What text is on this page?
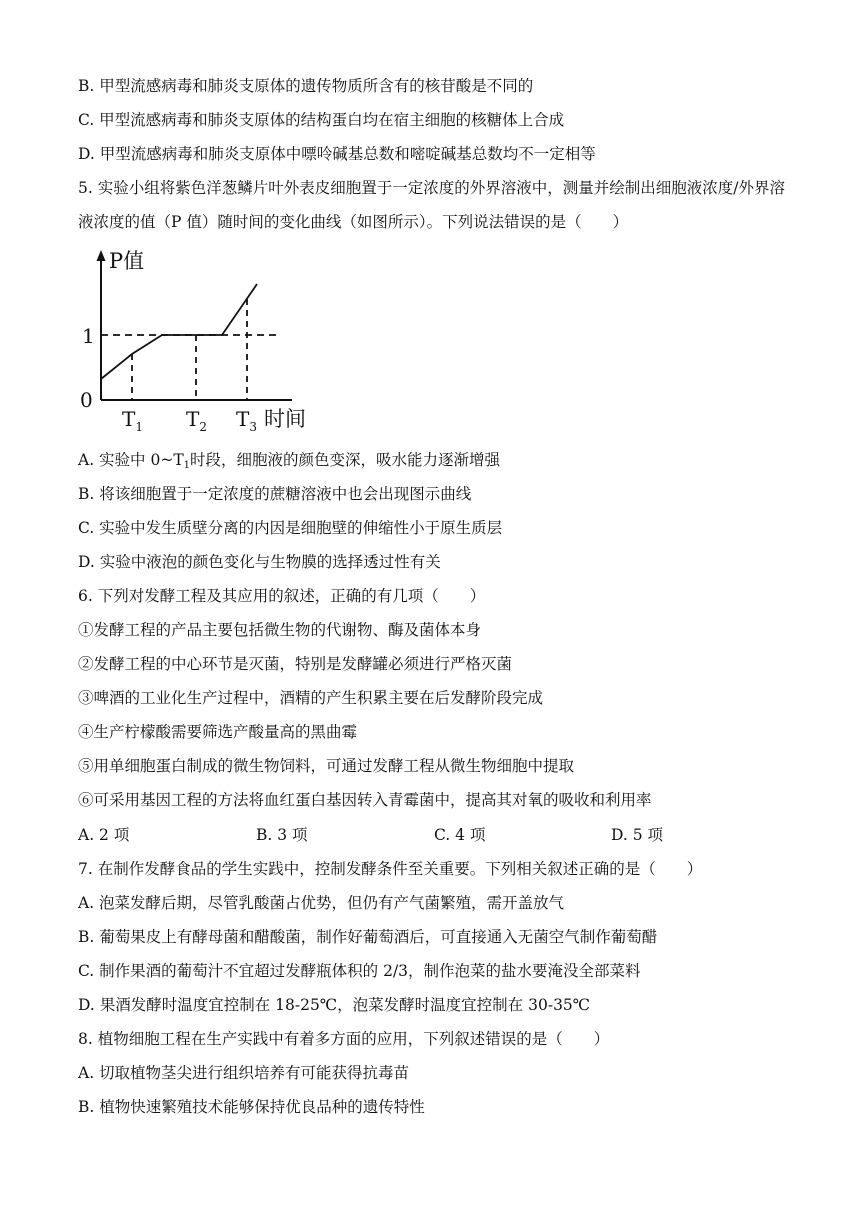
B. 甲型流感病毒和肺炎支原体的遗传物质所含有的核苷酸是不同的
C. 甲型流感病毒和肺炎支原体的结构蛋白均在宿主细胞的核糖体上合成
D. 甲型流感病毒和肺炎支原体中嘌呤碱基总数和嘧啶碱基总数均不一定相等
5. 实验小组将紫色洋葱鳞片叶外表皮细胞置于一定浓度的外界溶液中，测量并绘制出细胞液浓度/外界溶
液浓度的值（P 值）随时间的变化曲线（如图所示）。下列说法错误的是（　　）
P值
0
1
$T_1$ $T_2$ $T_3$ 时间
A. 实验中 $0\sim T_1$时段，细胞液的颜色变深，吸水能力逐渐增强
B. 将该细胞置于一定浓度的蔗糖溶液中也会出现图示曲线
C. 实验中发生质壁分离的内因是细胞壁的伸缩性小于原生质层
D. 实验中液泡的颜色变化与生物膜的选择透过性有关
6. 下列对发酵工程及其应用的叙述，正确的有几项（　　）
①发酵工程的产品主要包括微生物的代谢物、酶及菌体本身
②发酵工程的中心环节是灭菌，特别是发酵罐必须进行严格灭菌
③啤酒的工业化生产过程中，酒精的产生积累主要在后发酵阶段完成
④生产柠檬酸需要筛选产酸量高的黑曲霉
⑤用单细胞蛋白制成的微生物饲料，可通过发酵工程从微生物细胞中提取
⑥可采用基因工程的方法将血红蛋白基因转入青霉菌中，提高其对氧的吸收和利用率
A. 2 项	B. 3 项	C. 4 项	D. 5 项
7. 在制作发酵食品的学生实践中，控制发酵条件至关重要。下列相关叙述正确的是（　　）
A. 泡菜发酵后期，尽管乳酸菌占优势，但仍有产气菌繁殖，需开盖放气
B. 葡萄果皮上有酵母菌和醋酸菌，制作好葡萄酒后，可直接通入无菌空气制作葡萄醋
C. 制作果酒的葡萄汁不宜超过发酵瓶体积的 2/3，制作泡菜的盐水要淹没全部菜料
D. 果酒发酵时温度宜控制在 18-25℃，泡菜发酵时温度宜控制在 30-35℃
8. 植物细胞工程在生产实践中有着多方面的应用，下列叙述错误的是（　　）
A. 切取植物茎尖进行组织培养有可能获得抗毒苗
B. 植物快速繁殖技术能够保持优良品种的遗传特性
